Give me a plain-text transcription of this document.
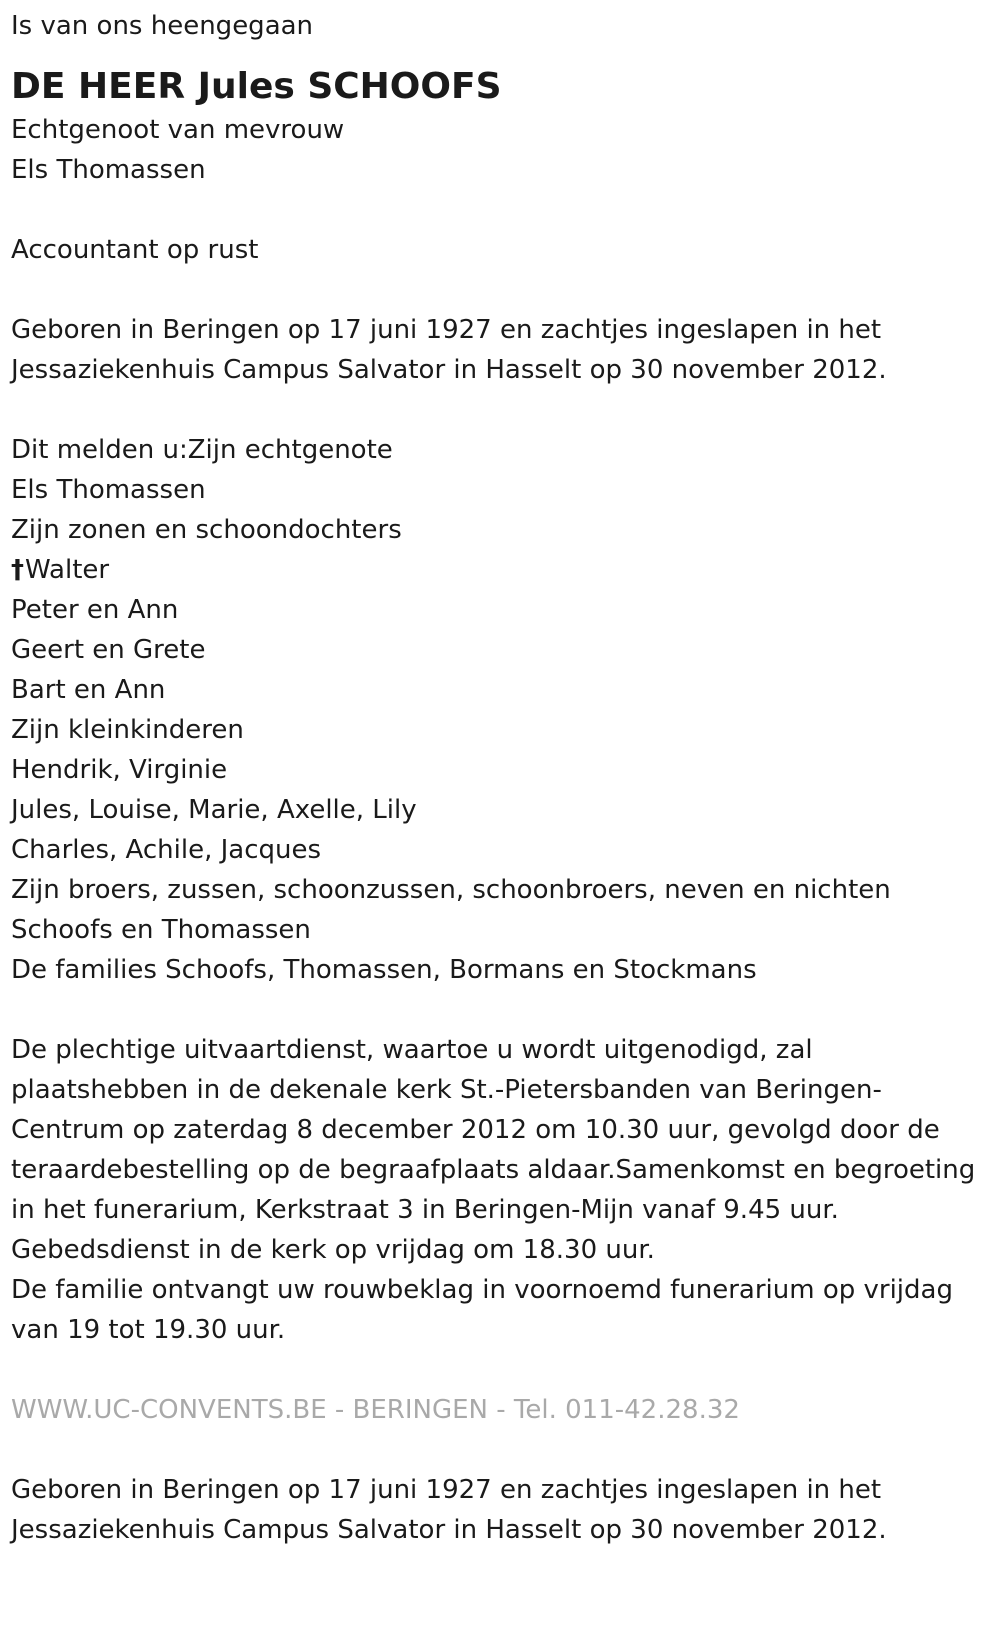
Is van ons heengegaan
DE HEER Jules SCHOOFS
Echtgenoot van mevrouw
Els Thomassen
Accountant op rust
Geboren in Beringen op 17 juni 1927 en zachtjes ingeslapen in het Jessaziekenhuis Campus Salvator in Hasselt op 30 november 2012.
Dit melden u:Zijn echtgenote
Els Thomassen
Zijn zonen en schoondochters
†Walter
Peter en Ann
Geert en Grete
Bart en Ann
Zijn kleinkinderen
Hendrik, Virginie
Jules, Louise, Marie, Axelle, Lily
Charles, Achile, Jacques
Zijn broers, zussen, schoonzussen, schoonbroers, neven en nichten
Schoofs en Thomassen
De families Schoofs, Thomassen, Bormans en Stockmans
De plechtige uitvaartdienst, waartoe u wordt uitgenodigd, zal plaatshebben in de dekenale kerk St.-Pietersbanden van Beringen-Centrum op zaterdag 8 december 2012 om 10.30 uur, gevolgd door de teraardebestelling op de begraafplaats aldaar.Samenkomst en begroeting in het funerarium, Kerkstraat 3 in Beringen-Mijn vanaf 9.45 uur.
Gebedsdienst in de kerk op vrijdag om 18.30 uur.
De familie ontvangt uw rouwbeklag in voornoemd funerarium op vrijdag van 19 tot 19.30 uur.
WWW.UC-CONVENTS.BE - BERINGEN - Tel. 011-42.28.32
Geboren in Beringen op 17 juni 1927 en zachtjes ingeslapen in het Jessaziekenhuis Campus Salvator in Hasselt op 30 november 2012.
